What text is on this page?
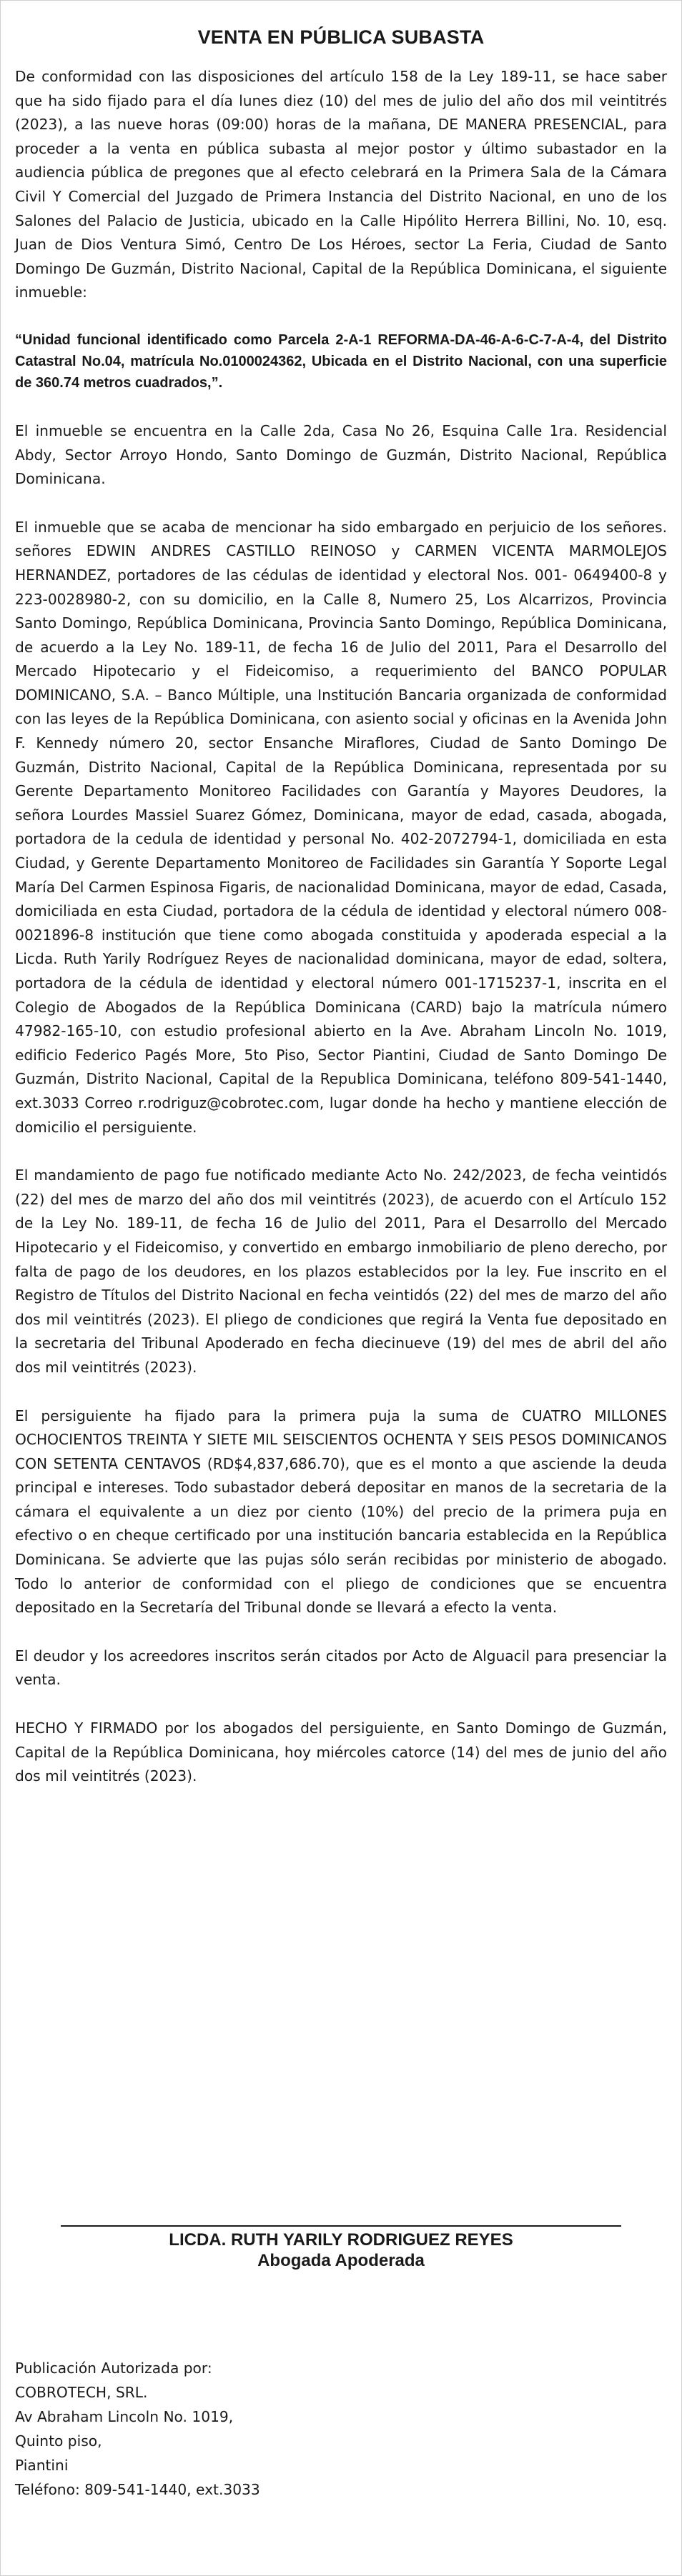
VENTA EN PÚBLICA SUBASTA

De conformidad con las disposiciones del artículo 158 de la Ley 189-11, se hace saber que ha sido fijado para el día lunes diez (10) del mes de julio del año dos mil veintitrés (2023), a las nueve horas (09:00) horas de la mañana, DE MANERA PRESENCIAL, para proceder a la venta en pública subasta al mejor postor y último subastador en la audiencia pública de pregones que al efecto celebrará en la Primera Sala de la Cámara Civil Y Comercial del Juzgado de Primera Instancia del Distrito Nacional, en uno de los Salones del Palacio de Justicia, ubicado en la Calle Hipólito Herrera Billini, No. 10, esq. Juan de Dios Ventura Simó, Centro De Los Héroes, sector La Feria, Ciudad de Santo Domingo De Guzmán, Distrito Nacional, Capital de la República Dominicana, el siguiente inmueble:

“Unidad funcional identificado como Parcela 2-A-1 REFORMA-DA-46-A-6-C-7-A-4, del Distrito Catastral No.04, matrícula No.0100024362, Ubicada en el Distrito Nacional, con una superficie de 360.74 metros cuadrados,”.

El inmueble se encuentra en la Calle 2da, Casa No 26, Esquina Calle 1ra. Residencial Abdy, Sector Arroyo Hondo, Santo Domingo de Guzmán, Distrito Nacional, República Dominicana.

El inmueble que se acaba de mencionar ha sido embargado en perjuicio de los señores. señores EDWIN ANDRES CASTILLO REINOSO y CARMEN VICENTA MARMOLEJOS HERNANDEZ, portadores de las cédulas de identidad y electoral Nos. 001- 0649400-8 y 223-0028980-2, con su domicilio, en la Calle 8, Numero 25, Los Alcarrizos, Provincia Santo Domingo, República Dominicana, Provincia Santo Domingo, República Dominicana, de acuerdo a la Ley No. 189-11, de fecha 16 de Julio del 2011, Para el Desarrollo del Mercado Hipotecario y el Fideicomiso, a requerimiento del BANCO POPULAR DOMINICANO, S.A. – Banco Múltiple, una Institución Bancaria organizada de conformidad con las leyes de la República Dominicana, con asiento social y oficinas en la Avenida John F. Kennedy número 20, sector Ensanche Miraflores, Ciudad de Santo Domingo De Guzmán, Distrito Nacional, Capital de la República Dominicana, representada por su Gerente Departamento Monitoreo Facilidades con Garantía y Mayores Deudores, la señora Lourdes Massiel Suarez Gómez, Dominicana, mayor de edad, casada, abogada, portadora de la cedula de identidad y personal No. 402-2072794-1, domiciliada en esta Ciudad, y Gerente Departamento Monitoreo de Facilidades sin Garantía Y Soporte Legal María Del Carmen Espinosa Figaris, de nacionalidad Dominicana, mayor de edad, Casada, domiciliada en esta Ciudad, portadora de la cédula de identidad y electoral número 008-0021896-8 institución que tiene como abogada constituida y apoderada especial a la Licda. Ruth Yarily Rodríguez Reyes de nacionalidad dominicana, mayor de edad, soltera, portadora de la cédula de identidad y electoral número 001-1715237-1, inscrita en el Colegio de Abogados de la República Dominicana (CARD) bajo la matrícula número 47982-165-10, con estudio profesional abierto en la Ave. Abraham Lincoln No. 1019, edificio Federico Pagés More, 5to Piso, Sector Piantini, Ciudad de Santo Domingo De Guzmán, Distrito Nacional, Capital de la Republica Dominicana, teléfono 809-541-1440, ext.3033 Correo r.rodriguz@cobrotec.com, lugar donde ha hecho y mantiene elección de domicilio el persiguiente.

El mandamiento de pago fue notificado mediante Acto No. 242/2023, de fecha veintidós (22) del mes de marzo del año dos mil veintitrés (2023), de acuerdo con el Artículo 152 de la Ley No. 189-11, de fecha 16 de Julio del 2011, Para el Desarrollo del Mercado Hipotecario y el Fideicomiso, y convertido en embargo inmobiliario de pleno derecho, por falta de pago de los deudores, en los plazos establecidos por la ley. Fue inscrito en el Registro de Títulos del Distrito Nacional en fecha veintidós (22) del mes de marzo del año dos mil veintitrés (2023). El pliego de condiciones que regirá la Venta fue depositado en la secretaria del Tribunal Apoderado en fecha diecinueve (19) del mes de abril del año dos mil veintitrés (2023).

El persiguiente ha fijado para la primera puja la suma de CUATRO MILLONES OCHOCIENTOS TREINTA Y SIETE MIL SEISCIENTOS OCHENTA Y SEIS PESOS DOMINICANOS CON SETENTA CENTAVOS (RD$4,837,686.70), que es el monto a que asciende la deuda principal e intereses. Todo subastador deberá depositar en manos de la secretaria de la cámara el equivalente a un diez por ciento (10%) del precio de la primera puja en efectivo o en cheque certificado por una institución bancaria establecida en la República Dominicana. Se advierte que las pujas sólo serán recibidas por ministerio de abogado. Todo lo anterior de conformidad con el pliego de condiciones que se encuentra depositado en la Secretaría del Tribunal donde se llevará a efecto la venta.

El deudor y los acreedores inscritos serán citados por Acto de Alguacil para presenciar la venta.

HECHO Y FIRMADO por los abogados del persiguiente, en Santo Domingo de Guzmán, Capital de la República Dominicana, hoy miércoles catorce (14) del mes de junio del año dos mil veintitrés (2023).

LICDA. RUTH YARILY RODRIGUEZ REYES
Abogada Apoderada
Publicación Autorizada por:
COBROTECH, SRL.
Av Abraham Lincoln No. 1019,
Quinto piso,
Piantini
Teléfono: 809-541-1440, ext.3033
